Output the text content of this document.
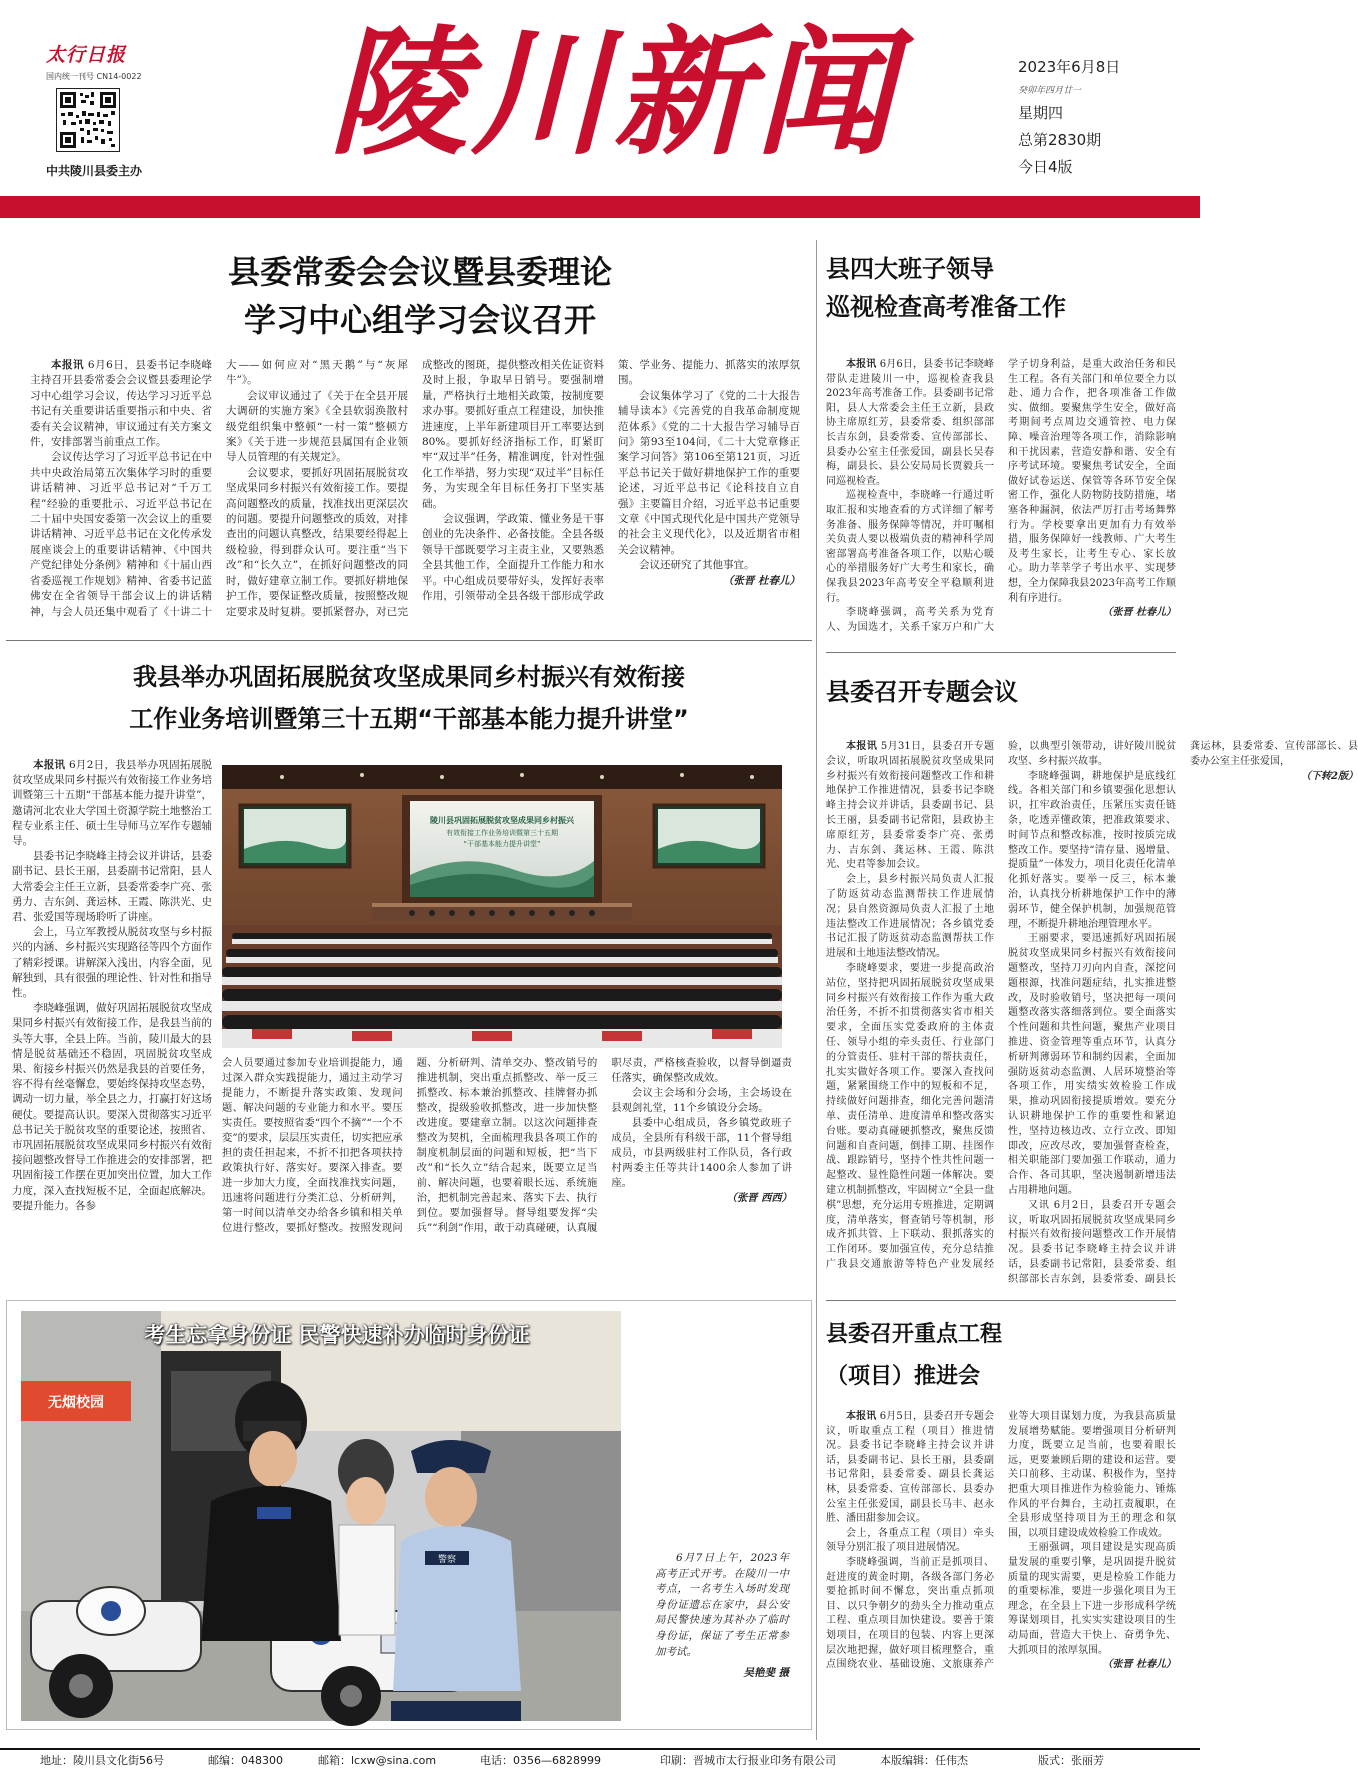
太行日报
国内统一刊号 CN14-0022
中共陵川县委主办 陵川新闻	2023年6月8日
癸卯年四月廿一
星期四
总第2830期
今日4版
县委常委会会议暨县委理论
学习中心组学习会议召开

本报讯 6月6日，县委书记李晓峰主持召开县委常委会会议暨县委理论学习中心组学习会议，传达学习习近平总书记有关重要讲话重要指示和中央、省委有关会议精神，审议通过有关方案文件，安排部署当前重点工作。

会议传达学习了习近平总书记在中共中央政治局第五次集体学习时的重要讲话精神、习近平总书记对“千万工程”经验的重要批示、习近平总书记在二十届中央国安委第一次会议上的重要讲话精神、习近平总书记在文化传承发展座谈会上的重要讲话精神、《中国共产党纪律处分条例》精神和《十届山西省委巡视工作规划》精神、省委书记蓝佛安在全省领导干部会议上的讲话精神，与会人员还集中观看了《十讲二十大——如何应对“黑天鹅”与“灰犀牛”》。

会议审议通过了《关于在全县开展大调研的实施方案》《全县软弱涣散村级党组织集中整顿“一村一策”整顿方案》《关于进一步规范县属国有企业领导人员管理的有关规定》。

会议要求，要抓好巩固拓展脱贫攻坚成果同乡村振兴有效衔接工作。要提高问题整改的质量，找准找出更深层次的问题。要提升问题整改的质效，对排查出的问题认真整改，结果要经得起上级检验，得到群众认可。要注重“当下改”和“长久立”，在抓好问题整改的同时，做好建章立制工作。要抓好耕地保护工作，要保证整改质量，按照整改规定要求及时复耕。要抓紧督办，对已完成整改的图斑，提供整改相关佐证资料及时上报，争取早日销号。要强制增量，严格执行土地相关政策，按制度要求办事。要抓好重点工程建设，加快推进速度，上半年新建项目开工率要达到80%。要抓好经济指标工作，盯紧盯牢“双过半”任务，精准调度，针对性强化工作举措，努力实现“双过半”目标任务，为实现全年目标任务打下坚实基础。

会议强调，学政策、懂业务是干事创业的先决条件、必备技能。全县各级领导干部既要学习主责主业，又要熟悉全县其他工作，全面提升工作能力和水平。中心组成员要带好头，发挥好表率作用，引领带动全县各级干部形成学政策、学业务、提能力、抓落实的浓厚氛围。

会议集体学习了《党的二十大报告辅导读本》《完善党的自我革命制度规范体系》《党的二十大报告学习辅导百问》第93至104问，《二十大党章修正案学习问答》第106至第121页，习近平总书记关于做好耕地保护工作的重要论述，习近平总书记《论科技自立自强》主要篇目介绍，习近平总书记重要文章《中国式现代化是中国共产党领导的社会主义现代化》，以及近期省市相关会议精神。

会议还研究了其他事宜。

（张晋 杜春儿）
县四大班子领导
巡视检查高考准备工作

本报讯 6月6日，县委书记李晓峰带队走进陵川一中，巡视检查我县2023年高考准备工作。县委副书记常阳，县人大常委会主任王立新，县政协主席原红芳，县委常委、组织部部长吉东剑，县委常委、宣传部部长、县委办公室主任张爱国，副县长吴春梅，副县长、县公安局局长贾毅兵一同巡视检查。

巡视检查中，李晓峰一行通过听取汇报和实地查看的方式详细了解考务准备、服务保障等情况，并叮嘱相关负责人要以极端负责的精神科学周密部署高考准备各项工作，以贴心暖心的举措服务好广大考生和家长，确保我县2023年高考安全平稳顺利进行。

李晓峰强调，高考关系为党育人、为国选才，关系千家万户和广大学子切身利益，是重大政治任务和民生工程。各有关部门和单位要全力以赴、通力合作，把各项准备工作做实、做细。要聚焦学生安全，做好高考期间考点周边交通管控、电力保障、噪音治理等各项工作，消除影响和干扰因素，营造安静和谐、安全有序考试环境。要聚焦考试安全，全面做好试卷运送、保管等各环节安全保密工作，强化人防物防技防措施，堵塞各种漏洞，依法严厉打击考场舞弊行为。学校要拿出更加有力有效举措，服务保障好一线教师、广大考生及考生家长，让考生专心、家长放心。助力莘莘学子考出水平、实现梦想，全力保障我县2023年高考工作顺利有序进行。

（张晋 杜春儿）
我县举办巩固拓展脱贫攻坚成果同乡村振兴有效衔接
工作业务培训暨第三十五期“干部基本能力提升讲堂”

本报讯 6月2日，我县举办巩固拓展脱贫攻坚成果同乡村振兴有效衔接工作业务培训暨第三十五期“干部基本能力提升讲堂”，邀请河北农业大学国土资源学院土地整治工程专业系主任、硕士生导师马立军作专题辅导。

县委书记李晓峰主持会议并讲话，县委副书记、县长王丽，县委副书记常阳，县人大常委会主任王立新，县委常委李广亮、张勇力、吉东剑、龚运林、王霞、陈洪光、史君、张爱国等现场聆听了讲座。

会上，马立军教授从脱贫攻坚与乡村振兴的内涵、乡村振兴实现路径等四个方面作了精彩授课。讲解深入浅出，内容全面，见解独到，具有很强的理论性、针对性和指导性。

李晓峰强调，做好巩固拓展脱贫攻坚成果同乡村振兴有效衔接工作，是我县当前的头等大事，全县上阵。当前，陵川最大的县情是脱贫基础还不稳固，巩固脱贫攻坚成果、衔接乡村振兴仍然是我县的首要任务，容不得有丝毫懈怠，要始终保持攻坚态势，调动一切力量，举全县之力，打赢打好这场硬仗。要提高认识。要深入贯彻落实习近平总书记关于脱贫攻坚的重要论述，按照省、市巩固拓展脱贫攻坚成果同乡村振兴有效衔接问题整改督导工作推进会的安排部署，把巩固衔接工作摆在更加突出位置，加大工作力度，深入查找短板不足，全面起底解决。要提升能力。各参

会人员要通过参加专业培训提能力，通过深入群众实践提能力，通过主动学习提能力，不断提升落实政策、发现问题、解决问题的专业能力和水平。要压实责任。要按照省委“四个不摘”“一个不変”的要求，层层压实责任，切实把应承担的责任担起来，不折不扣把各项扶持政策执行好、落实好。要深入排查。要进一步加大力度，全面找准找实问题，迅速将问题进行分类汇总、分析研判，第一时间以清单交办给各乡镇和相关单位进行整改，要抓好整改。按照发现问题、分析研判、清单交办、整改销号的推进机制，突出重点抓整改、举一反三抓整改、标本兼治抓整改、挂牌督办抓整改，提级验收抓整改，进一步加快整改进度。要建章立制。以这次问题排查整改为契机，全面梳理我县各项工作的制度机制层面的问题和短板，把“当下改”和“长久立”结合起来，既要立足当前、解决问题，也要着眼长远、系统施治，把机制完善起来、落实下去、执行到位。要加强督导。督导组要发挥“尖兵”“利剑”作用，敢于动真碰硬，认真履职尽责，严格核查验收，以督导倒逼责任落实，确保整改成效。

会议主会场和分会场，主会场设在县观剑礼堂，11个乡镇设分会场。

县委中心组成员，各乡镇党政班子成员，全县所有科级干部，11个督导组成员，市县两级驻村工作队员，各行政村两委主任等共计1400余人参加了讲座。

（张晋 西西）
陵川县巩固拓展脱贫攻坚成果同乡村振兴
有效衔接工作业务培训暨第三十五期
“干部基本能力提升讲堂”
县委召开专题会议

本报讯 5月31日，县委召开专题会议，听取巩固拓展脱贫攻坚成果同乡村振兴有效衔接问题整改工作和耕地保护工作推进情况，县委书记李晓峰主持会议并讲话，县委副书记、县长王丽，县委副书记常阳，县政协主席原红芳，县委常委李广亮、张勇力、吉东剑、龚运林、王霞、陈洪光、史君等参加会议。

会上，县乡村振兴局负责人汇报了防返贫动态监测帮扶工作进展情况；县自然资源局负责人汇报了土地违法整改工作进展情况；各乡镇党委书记汇报了防返贫动态监测帮扶工作进展和土地违法整改情况。

李晓峰要求，要进一步提高政治站位，坚持把巩固拓展脱贫攻坚成果同乡村振兴有效衔接工作作为重大政治任务，不折不扣贯彻落实省市相关要求，全面压实党委政府的主体责任、领导小组的牵头责任、行业部门的分管责任、驻村干部的帮扶责任，扎实实做好各项工作。要深入查找问题，紧紧围绕工作中的短板和不足，持续做好问题排查，细化完善问题清单、责任清单、进度清单和整改落实台账。要动真碰硬抓整改，聚焦反馈问题和自查问题，倒排工期、挂图作战、跟踪销号，坚持个性共性问题一起整改、显性隐性问题一体解决。要建立机制抓整改，牢固树立“全县一盘棋”思想，充分运用专班推进，定期调度，清单落实，督查销号等机制，形成齐抓共管、上下联动、狠抓落实的工作闭环。要加强宣传，充分总结推广我县交通旅游等特色产业发展经验，以典型引领带动，讲好陵川脱贫攻坚、乡村振兴故事。

李晓峰强调，耕地保护是底线红线。各相关部门和乡镇要强化思想认识，扛牢政治责任，压紧压实责任链条，吃透弄懂政策，把准政策要求、时间节点和整改标准，按时按质完成整改工作。要坚持“清存量、遏增量、提质量”一体发力，项目化责任化清单化抓好落实。要举一反三，标本兼治，认真找分析耕地保护工作中的薄弱环节，健全保护机制，加强规范管理，不断提升耕地治理管理水平。

王丽要求，要迅速抓好巩固拓展脱贫攻坚成果同乡村振兴有效衔接问题整改，坚持刀刃向内自查，深挖问题根源，找准问题症结，扎实推进整改，及时验收销号，坚决把每一项问题整改落实落细落到位。要全面落实个性问题和共性问题，聚焦产业项目推进、资金管理等重点环节，认真分析研判薄弱环节和制约因素，全面加强防返贫动态监测、人居环境整治等各项工作，用实绩实效检验工作成果，推动巩固衔接提质增效。要充分认识耕地保护工作的重要性和紧迫性，坚持边核边改、立行立改、即知即改，应改尽改，要加强督查检查，相关职能部门要加强工作联动，通力合作、各司其职，坚决遏制新增违法占用耕地问题。

又讯 6月2日，县委召开专题会议，听取巩固拓展脱贫攻坚成果同乡村振兴有效衔接问题整改工作开展情况。县委书记李晓峰主持会议并讲话，县委副书记常阳，县委常委、组织部部长吉东剑，县委常委、副县长龚运林，县委常委、宣传部部长、县委办公室主任张爱国，

（下转2版）
县委召开重点工程
（项目）推进会

本报讯 6月5日，县委召开专题会议，听取重点工程（项目）推进情况。县委书记李晓峰主持会议并讲话，县委副书记、县长王丽，县委副书记常阳，县委常委、副县长龚运林，县委常委、宣传部部长、县委办公室主任张爱国，副县长马丰、赵永胜、潘田甜参加会议。

会上，各重点工程（项目）牵头领导分别汇报了项目进展情况。

李晓峰强调，当前正是抓项目、赶进度的黄金时期，各级各部门务必要抢抓时间不懈怠，突出重点抓项目、以只争朝夕的劲头全力推动重点工程、重点项目加快建设。要善于策划项目，在项目的包装、内容上更深层次地把握，做好项目梳理整合，重点围绕农业、基础设施、文旅康养产业等大项目谋划力度，为我县高质量发展增势赋能。要增强项目分析研判力度，既要立足当前，也要着眼长远，更要兼顾后期的建设和运营。要关口前移、主动谋、积极作为，坚持把重大项目推进作为检验能力、锤炼作风的平台舞台，主动扛责履职，在全县形成坚持项目为王的理念和氛围，以项目建设成效检验工作成效。

王丽强调，项目建设是实现高质量发展的重要引擎，是巩固提升脱贫质量的现实需要，更是检验工作能力的重要标准，要进一步强化项目为王理念，在全县上下进一步形成科学统筹谋划项目，扎实实实建设项目的生动局面，营造大干快上、奋勇争先、大抓项目的浓厚氛围。

（张晋 杜春儿）
无烟校园
警察
考生忘拿身份证 民警快速补办临时身份证

6月7日上午，2023年高考正式开考。在陵川一中考点，一名考生入场时发现身份证遗忘在家中，县公安局民警快速为其补办了临时身份证，保证了考生正常参加考试。

吴艳斐 摄
地址：陵川县文化街56号	邮编：048300	邮箱：lcxw@sina.com	电话：0356—6828999	印刷：晋城市太行报业印务有限公司	本版编辑：任伟杰	版式：张丽芳
